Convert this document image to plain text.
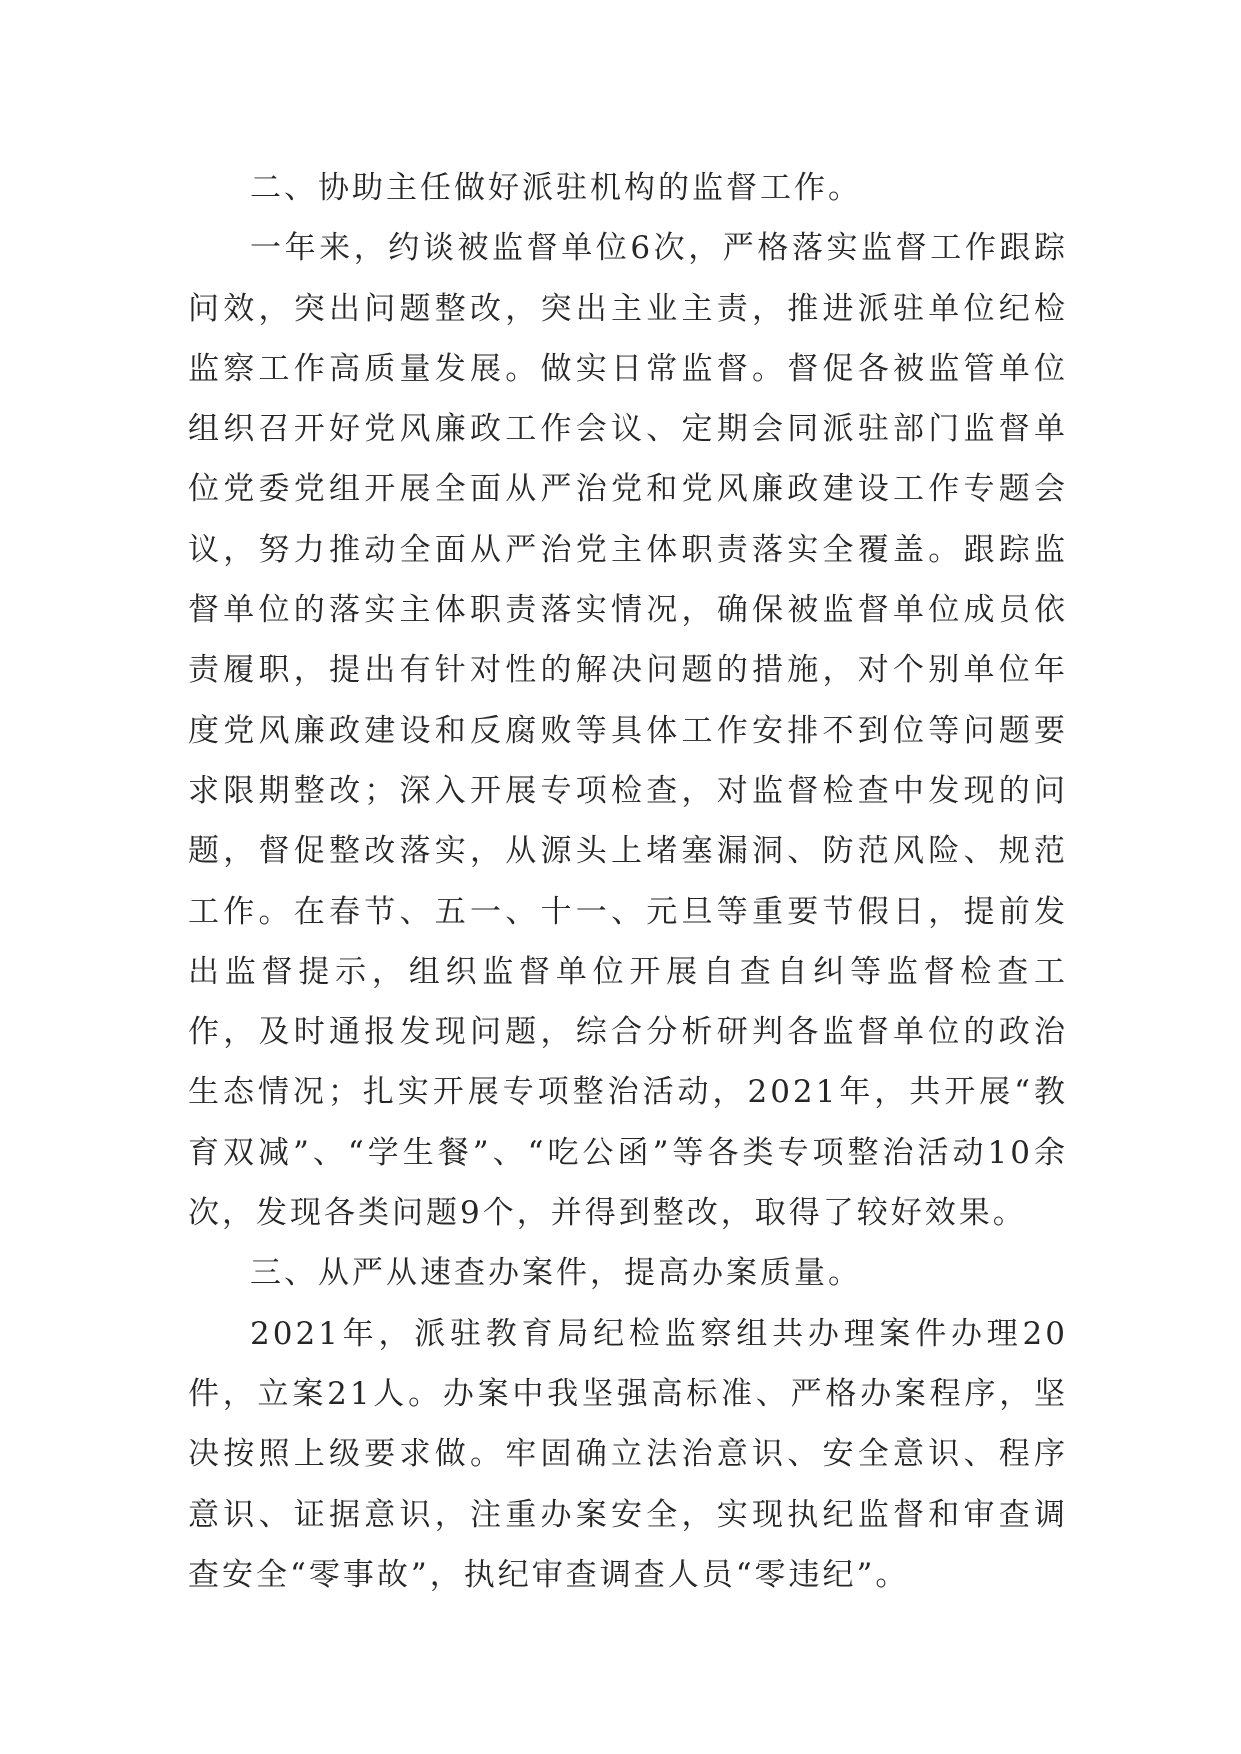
二、协助主任做好派驻机构的监督工作。

一年来，约谈被监督单位6次，严格落实监督工作跟踪问效，突出问题整改，突出主业主责，推进派驻单位纪检监察工作高质量发展。做实日常监督。督促各被监管单位组织召开好党风廉政工作会议、定期会同派驻部门监督单位党委党组开展全面从严治党和党风廉政建设工作专题会议，努力推动全面从严治党主体职责落实全覆盖。跟踪监督单位的落实主体职责落实情况，确保被监督单位成员依责履职，提出有针对性的解决问题的措施，对个别单位年度党风廉政建设和反腐败等具体工作安排不到位等问题要求限期整改；深入开展专项检查，对监督检查中发现的问题，督促整改落实，从源头上堵塞漏洞、防范风险、规范工作。在春节、五一、十一、元旦等重要节假日，提前发出监督提示，组织监督单位开展自查自纠等监督检查工作，及时通报发现问题，综合分析研判各监督单位的政治生态情况；扎实开展专项整治活动，2021年，共开展“教育双减”、“学生餐”、“吃公函”等各类专项整治活动10余次，发现各类问题9个，并得到整改，取得了较好效果。

三、从严从速查办案件，提高办案质量。

2021年，派驻教育局纪检监察组共办理案件办理20件，立案21人。办案中我坚强高标准、严格办案程序，坚决按照上级要求做。牢固确立法治意识、安全意识、程序意识、证据意识，注重办案安全，实现执纪监督和审查调查安全“零事故”，执纪审查调查人员“零违纪”。
